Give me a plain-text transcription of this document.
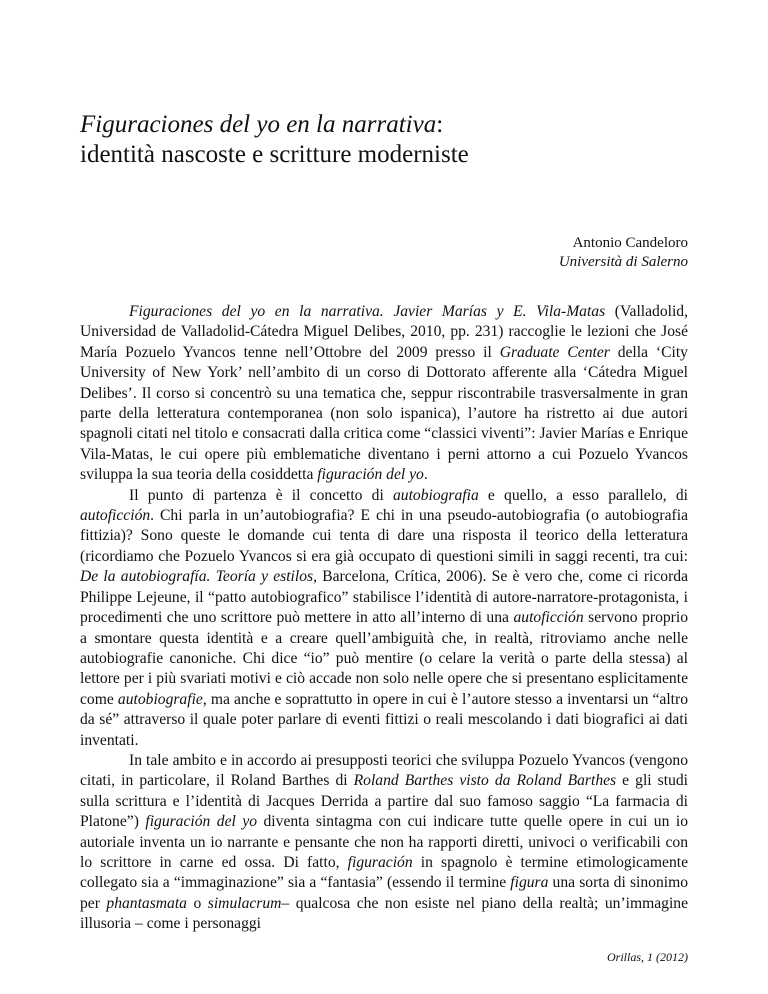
Figuraciones del yo en la narrativa:

identità nascoste e scritture moderniste

Antonio Candeloro
Università di Salerno

Figuraciones del yo en la narrativa. Javier Marías y E. Vila-Matas (Valladolid, Universidad de Valladolid-Cátedra Miguel Delibes, 2010, pp. 231) raccoglie le lezioni che José María Pozuelo Yvancos tenne nell’Ottobre del 2009 presso il Graduate Center della ‘City University of New York’ nell’ambito di un corso di Dottorato afferente alla ‘Cátedra Miguel Delibes’. Il corso si concentrò su una tematica che, seppur riscontrabile trasversalmente in gran parte della letteratura contemporanea (non solo ispanica), l’autore ha ristretto ai due autori spagnoli citati nel titolo e consacrati dalla critica come “classici viventi”: Javier Marías e Enrique Vila-Matas, le cui opere più emblematiche diventano i perni attorno a cui Pozuelo Yvancos sviluppa la sua teoria della cosiddetta figuración del yo.

Il punto di partenza è il concetto di autobiografia e quello, a esso parallelo, di autoficción. Chi parla in un’autobiografia? E chi in una pseudo-autobiografia (o autobiografia fittizia)? Sono queste le domande cui tenta di dare una risposta il teorico della letteratura (ricordiamo che Pozuelo Yvancos si era già occupato di questioni simili in saggi recenti, tra cui: De la autobiografía. Teoría y estilos, Barcelona, Crítica, 2006). Se è vero che, come ci ricorda Philippe Lejeune, il “patto autobiografico” stabilisce l’identità di autore-narratore-protagonista, i procedimenti che uno scrittore può mettere in atto all’interno di una autoficción servono proprio a smontare questa identità e a creare quell’ambiguità che, in realtà, ritroviamo anche nelle autobiografie canoniche. Chi dice “io” può mentire (o celare la verità o parte della stessa) al lettore per i più svariati motivi e ciò accade non solo nelle opere che si presentano esplicitamente come autobiografie, ma anche e soprattutto in opere in cui è l’autore stesso a inventarsi un “altro da sé” attraverso il quale poter parlare di eventi fittizi o reali mescolando i dati biografici ai dati inventati.

In tale ambito e in accordo ai presupposti teorici che sviluppa Pozuelo Yvancos (vengono citati, in particolare, il Roland Barthes di Roland Barthes visto da Roland Barthes e gli studi sulla scrittura e l’identità di Jacques Derrida a partire dal suo famoso saggio “La farmacia di Platone”) figuración del yo diventa sintagma con cui indicare tutte quelle opere in cui un io autoriale inventa un io narrante e pensante che non ha rapporti diretti, univoci o verificabili con lo scrittore in carne ed ossa. Di fatto, figuración in spagnolo è termine etimologicamente collegato sia a “immaginazione” sia a “fantasia” (essendo il termine figura una sorta di sinonimo per phantasmata o simulacrum– qualcosa che non esiste nel piano della realtà; un’immagine illusoria – come i personaggi

Orillas, 1 (2012)
